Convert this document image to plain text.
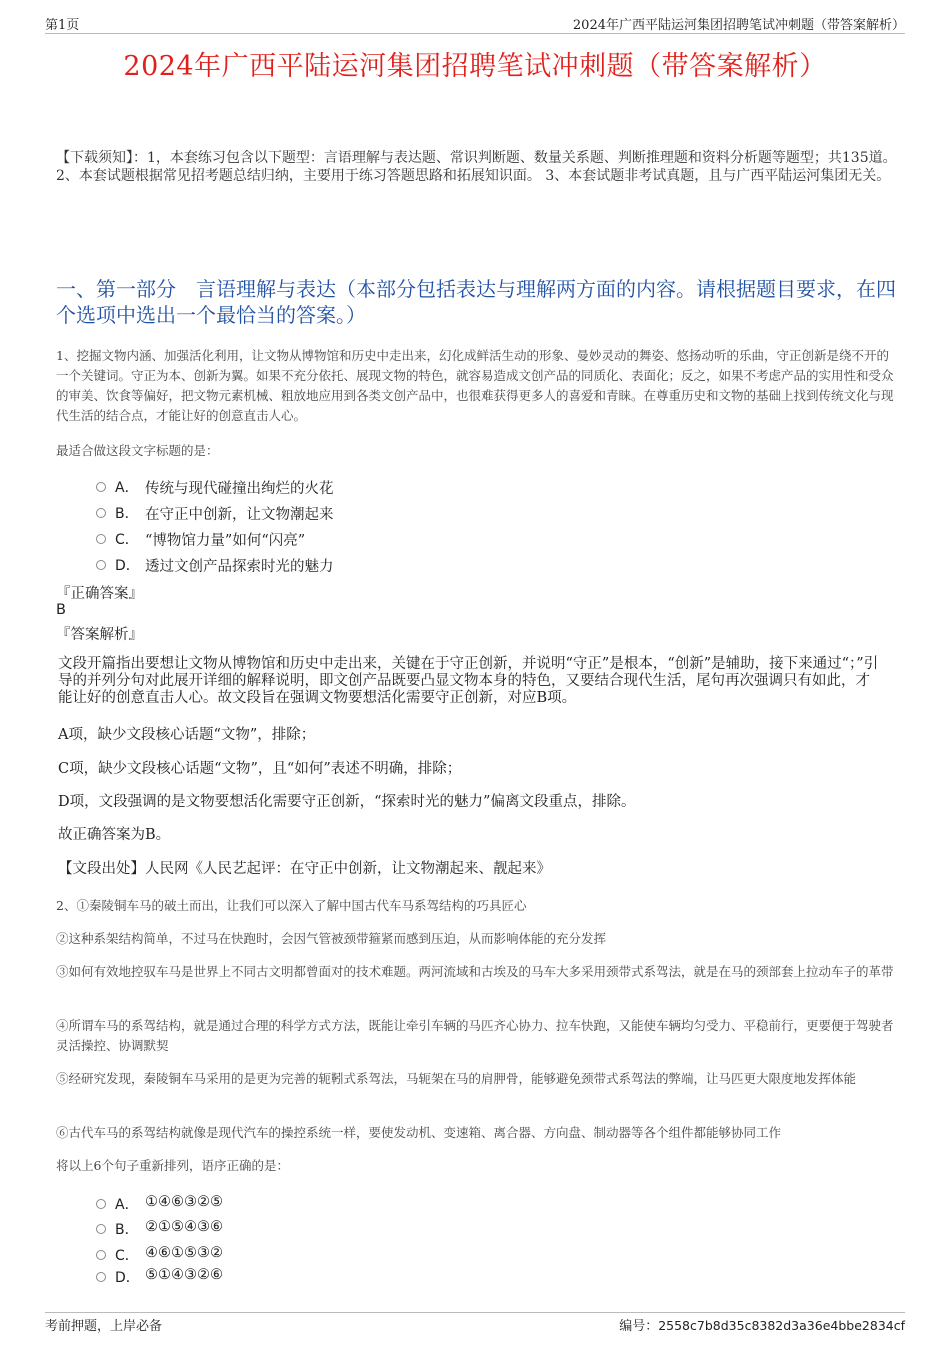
第1页	2024年广西平陆运河集团招聘笔试冲刺题（带答案解析）
2024年广西平陆运河集团招聘笔试冲刺题（带答案解析）
【下载须知】：1，本套练习包含以下题型：言语理解与表达题、常识判断题、数量关系题、判断推理题和资料分析题等题型；共135道。 2、本套试题根据常见招考题总结归纳，主要用于练习答题思路和拓展知识面。 3、本套试题非考试真题，且与广西平陆运河集团无关。
一、第一部分　言语理解与表达（本部分包括表达与理解两方面的内容。请根据题目要求，在四个选项中选出一个最恰当的答案。）
1、挖掘文物内涵、加强活化利用，让文物从博物馆和历史中走出来，幻化成鲜活生动的形象、曼妙灵动的舞姿、悠扬动听的乐曲，守正创新是绕不开的一个关键词。守正为本、创新为翼。如果不充分依托、展现文物的特色，就容易造成文创产品的同质化、表面化；反之，如果不考虑产品的实用性和受众的审美、饮食等偏好，把文物元素机械、粗放地应用到各类文创产品中，也很难获得更多人的喜爱和青睐。在尊重历史和文物的基础上找到传统文化与现代生活的结合点，才能让好的创意直击人心。
最适合做这段文字标题的是：
A． 传统与现代碰撞出绚烂的火花
B． 在守正中创新，让文物潮起来
C． “博物馆力量”如何“闪亮”
D． 透过文创产品探索时光的魅力
『正确答案』
B
『答案解析』
文段开篇指出要想让文物从博物馆和历史中走出来，关键在于守正创新，并说明“守正”是根本，“创新”是辅助，接下来通过“；”引导的并列分句对此展开详细的解释说明，即文创产品既要凸显文物本身的特色，又要结合现代生活，尾句再次强调只有如此，才能让好的创意直击人心。故文段旨在强调文物要想活化需要守正创新，对应B项。
A项，缺少文段核心话题“文物”，排除；
C项，缺少文段核心话题“文物”，且“如何”表述不明确，排除；
D项，文段强调的是文物要想活化需要守正创新，“探索时光的魅力”偏离文段重点，排除。
故正确答案为B。
【文段出处】人民网《人民艺起评：在守正中创新，让文物潮起来、靓起来》
2、①秦陵铜车马的破土而出，让我们可以深入了解中国古代车马系驾结构的巧具匠心
②这种系架结构简单，不过马在快跑时，会因气管被颈带箍紧而感到压迫，从而影响体能的充分发挥
③如何有效地控驭车马是世界上不同古文明都曾面对的技术难题。两河流域和古埃及的马车大多采用颈带式系驾法，就是在马的颈部套上拉动车子的革带
④所谓车马的系驾结构，就是通过合理的科学方式方法，既能让牵引车辆的马匹齐心协力、拉车快跑，又能使车辆均匀受力、平稳前行，更要便于驾驶者灵活操控、协调默契
⑤经研究发现，秦陵铜车马采用的是更为完善的轭靷式系驾法，马轭架在马的肩胛骨，能够避免颈带式系驾法的弊端，让马匹更大限度地发挥体能
⑥古代车马的系驾结构就像是现代汽车的操控系统一样，要使发动机、变速箱、离合器、方向盘、制动器等各个组件都能够协同工作
将以上6个句子重新排列，语序正确的是：
A． ①④⑥③②⑤
B． ②①⑤④③⑥
C． ④⑥①⑤③②
D． ⑤①④③②⑥
考前押题，上岸必备	编号：2558c7b8d35c8382d3a36e4bbe2834cf
